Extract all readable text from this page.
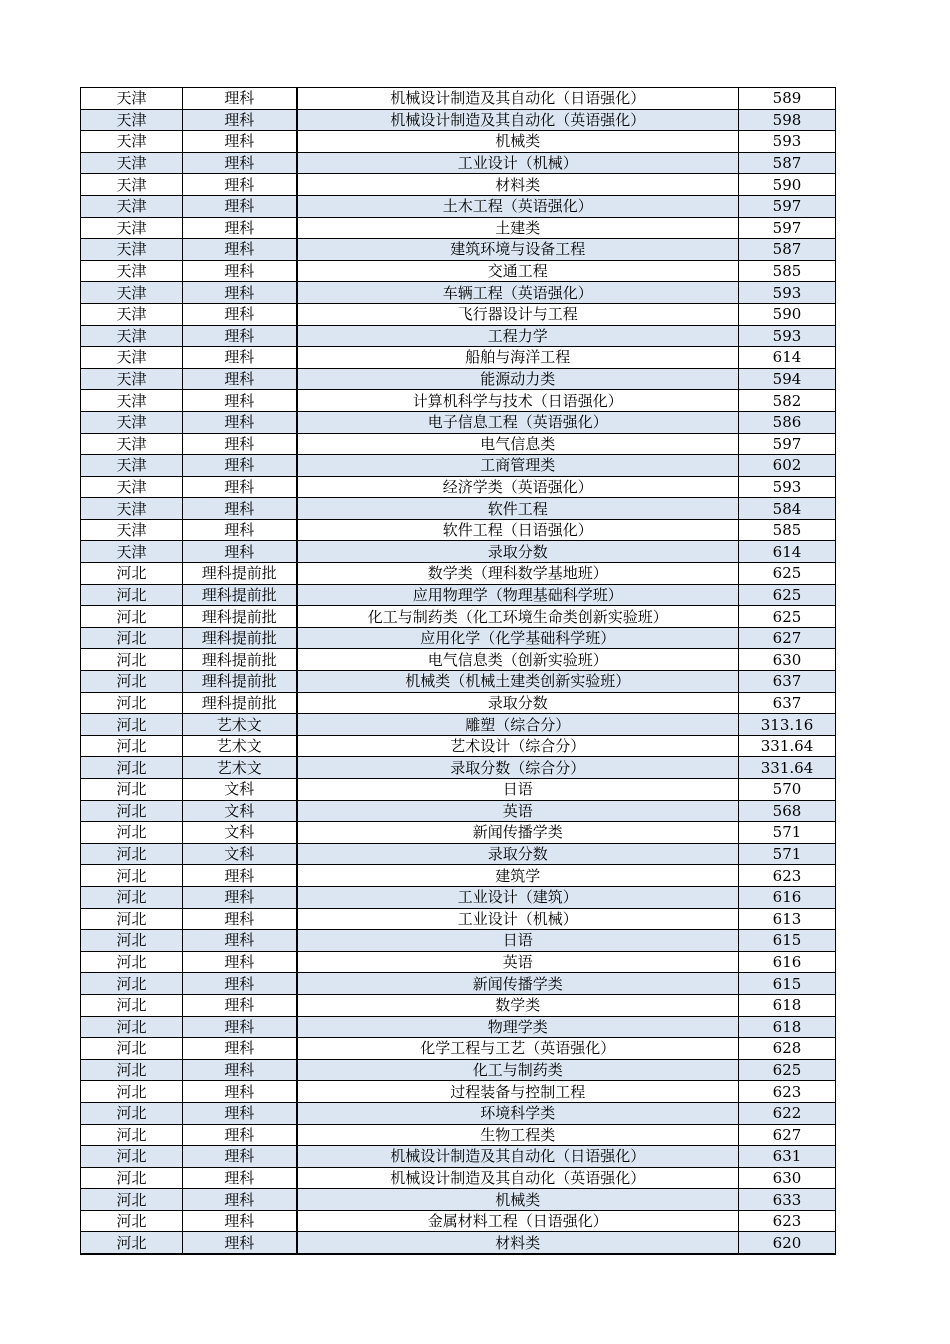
天津	理科	机械设计制造及其自动化（日语强化）	589
天津	理科	机械设计制造及其自动化（英语强化）	598
天津	理科	机械类	593
天津	理科	工业设计（机械）	587
天津	理科	材料类	590
天津	理科	土木工程（英语强化）	597
天津	理科	土建类	597
天津	理科	建筑环境与设备工程	587
天津	理科	交通工程	585
天津	理科	车辆工程（英语强化）	593
天津	理科	飞行器设计与工程	590
天津	理科	工程力学	593
天津	理科	船舶与海洋工程	614
天津	理科	能源动力类	594
天津	理科	计算机科学与技术（日语强化）	582
天津	理科	电子信息工程（英语强化）	586
天津	理科	电气信息类	597
天津	理科	工商管理类	602
天津	理科	经济学类（英语强化）	593
天津	理科	软件工程	584
天津	理科	软件工程（日语强化）	585
天津	理科	录取分数	614
河北	理科提前批	数学类（理科数学基地班）	625
河北	理科提前批	应用物理学（物理基础科学班）	625
河北	理科提前批	化工与制药类（化工环境生命类创新实验班）	625
河北	理科提前批	应用化学（化学基础科学班）	627
河北	理科提前批	电气信息类（创新实验班）	630
河北	理科提前批	机械类（机械土建类创新实验班）	637
河北	理科提前批	录取分数	637
河北	艺术文	雕塑（综合分）	313.16
河北	艺术文	艺术设计（综合分）	331.64
河北	艺术文	录取分数（综合分）	331.64
河北	文科	日语	570
河北	文科	英语	568
河北	文科	新闻传播学类	571
河北	文科	录取分数	571
河北	理科	建筑学	623
河北	理科	工业设计（建筑）	616
河北	理科	工业设计（机械）	613
河北	理科	日语	615
河北	理科	英语	616
河北	理科	新闻传播学类	615
河北	理科	数学类	618
河北	理科	物理学类	618
河北	理科	化学工程与工艺（英语强化）	628
河北	理科	化工与制药类	625
河北	理科	过程装备与控制工程	623
河北	理科	环境科学类	622
河北	理科	生物工程类	627
河北	理科	机械设计制造及其自动化（日语强化）	631
河北	理科	机械设计制造及其自动化（英语强化）	630
河北	理科	机械类	633
河北	理科	金属材料工程（日语强化）	623
河北	理科	材料类	620
